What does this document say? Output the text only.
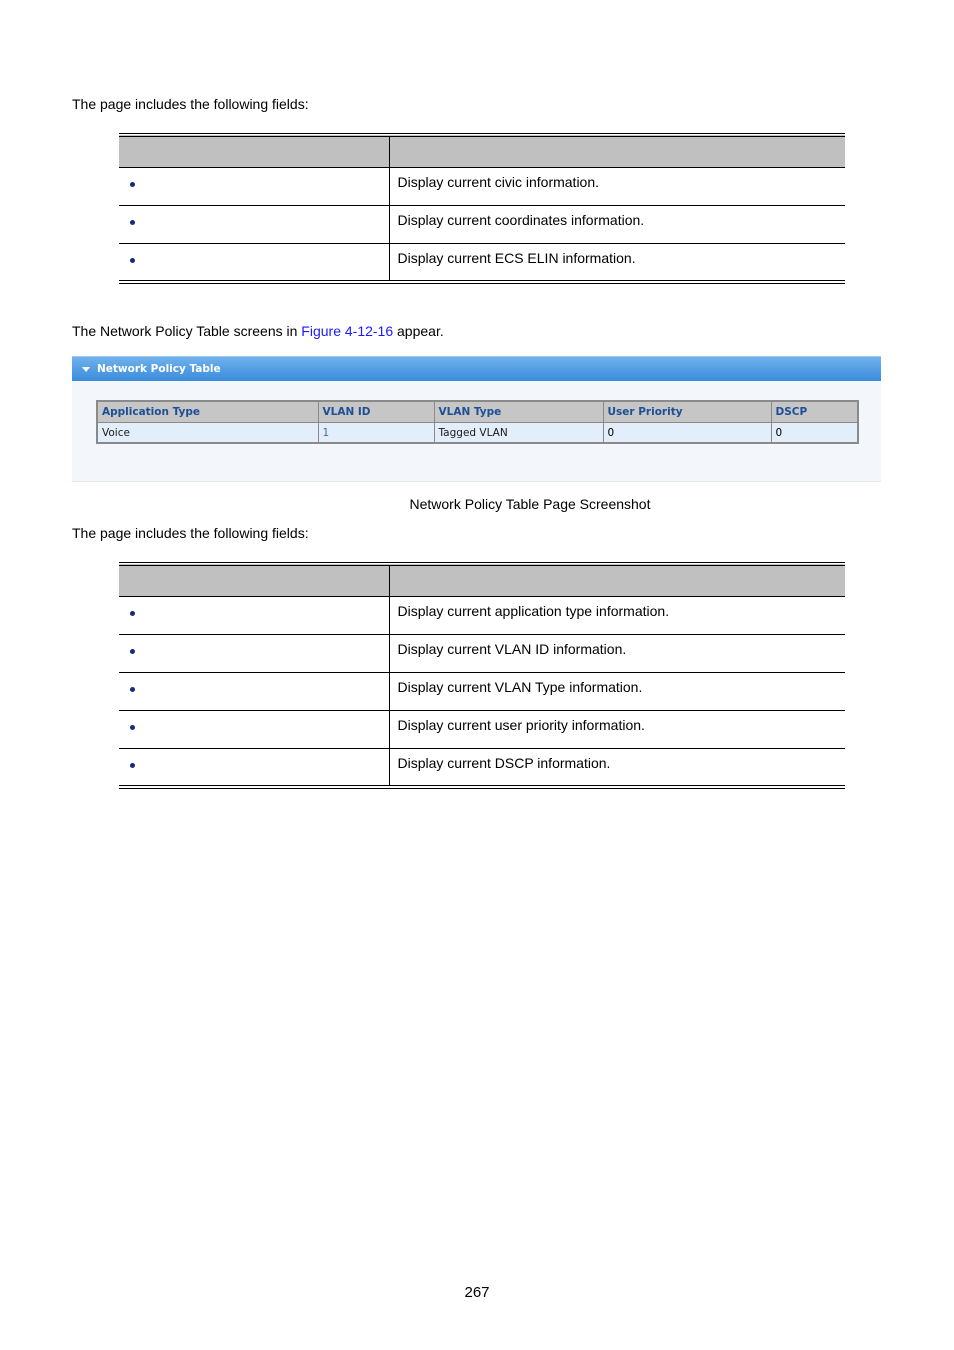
The page includes the following fields:

	Display current civic information.
	Display current coordinates information.
	Display current ECS ELIN information.

The Network Policy Table screens in Figure 4-12-16 appear.

Network Policy Table
Application Type	VLAN ID	VLAN Type	User Priority	DSCP
Voice	1	Tagged VLAN	0	0
Network Policy Table Page Screenshot

The page includes the following fields:

	Display current application type information.
	Display current VLAN ID information.
	Display current VLAN Type information.
	Display current user priority information.
	Display current DSCP information.
267
